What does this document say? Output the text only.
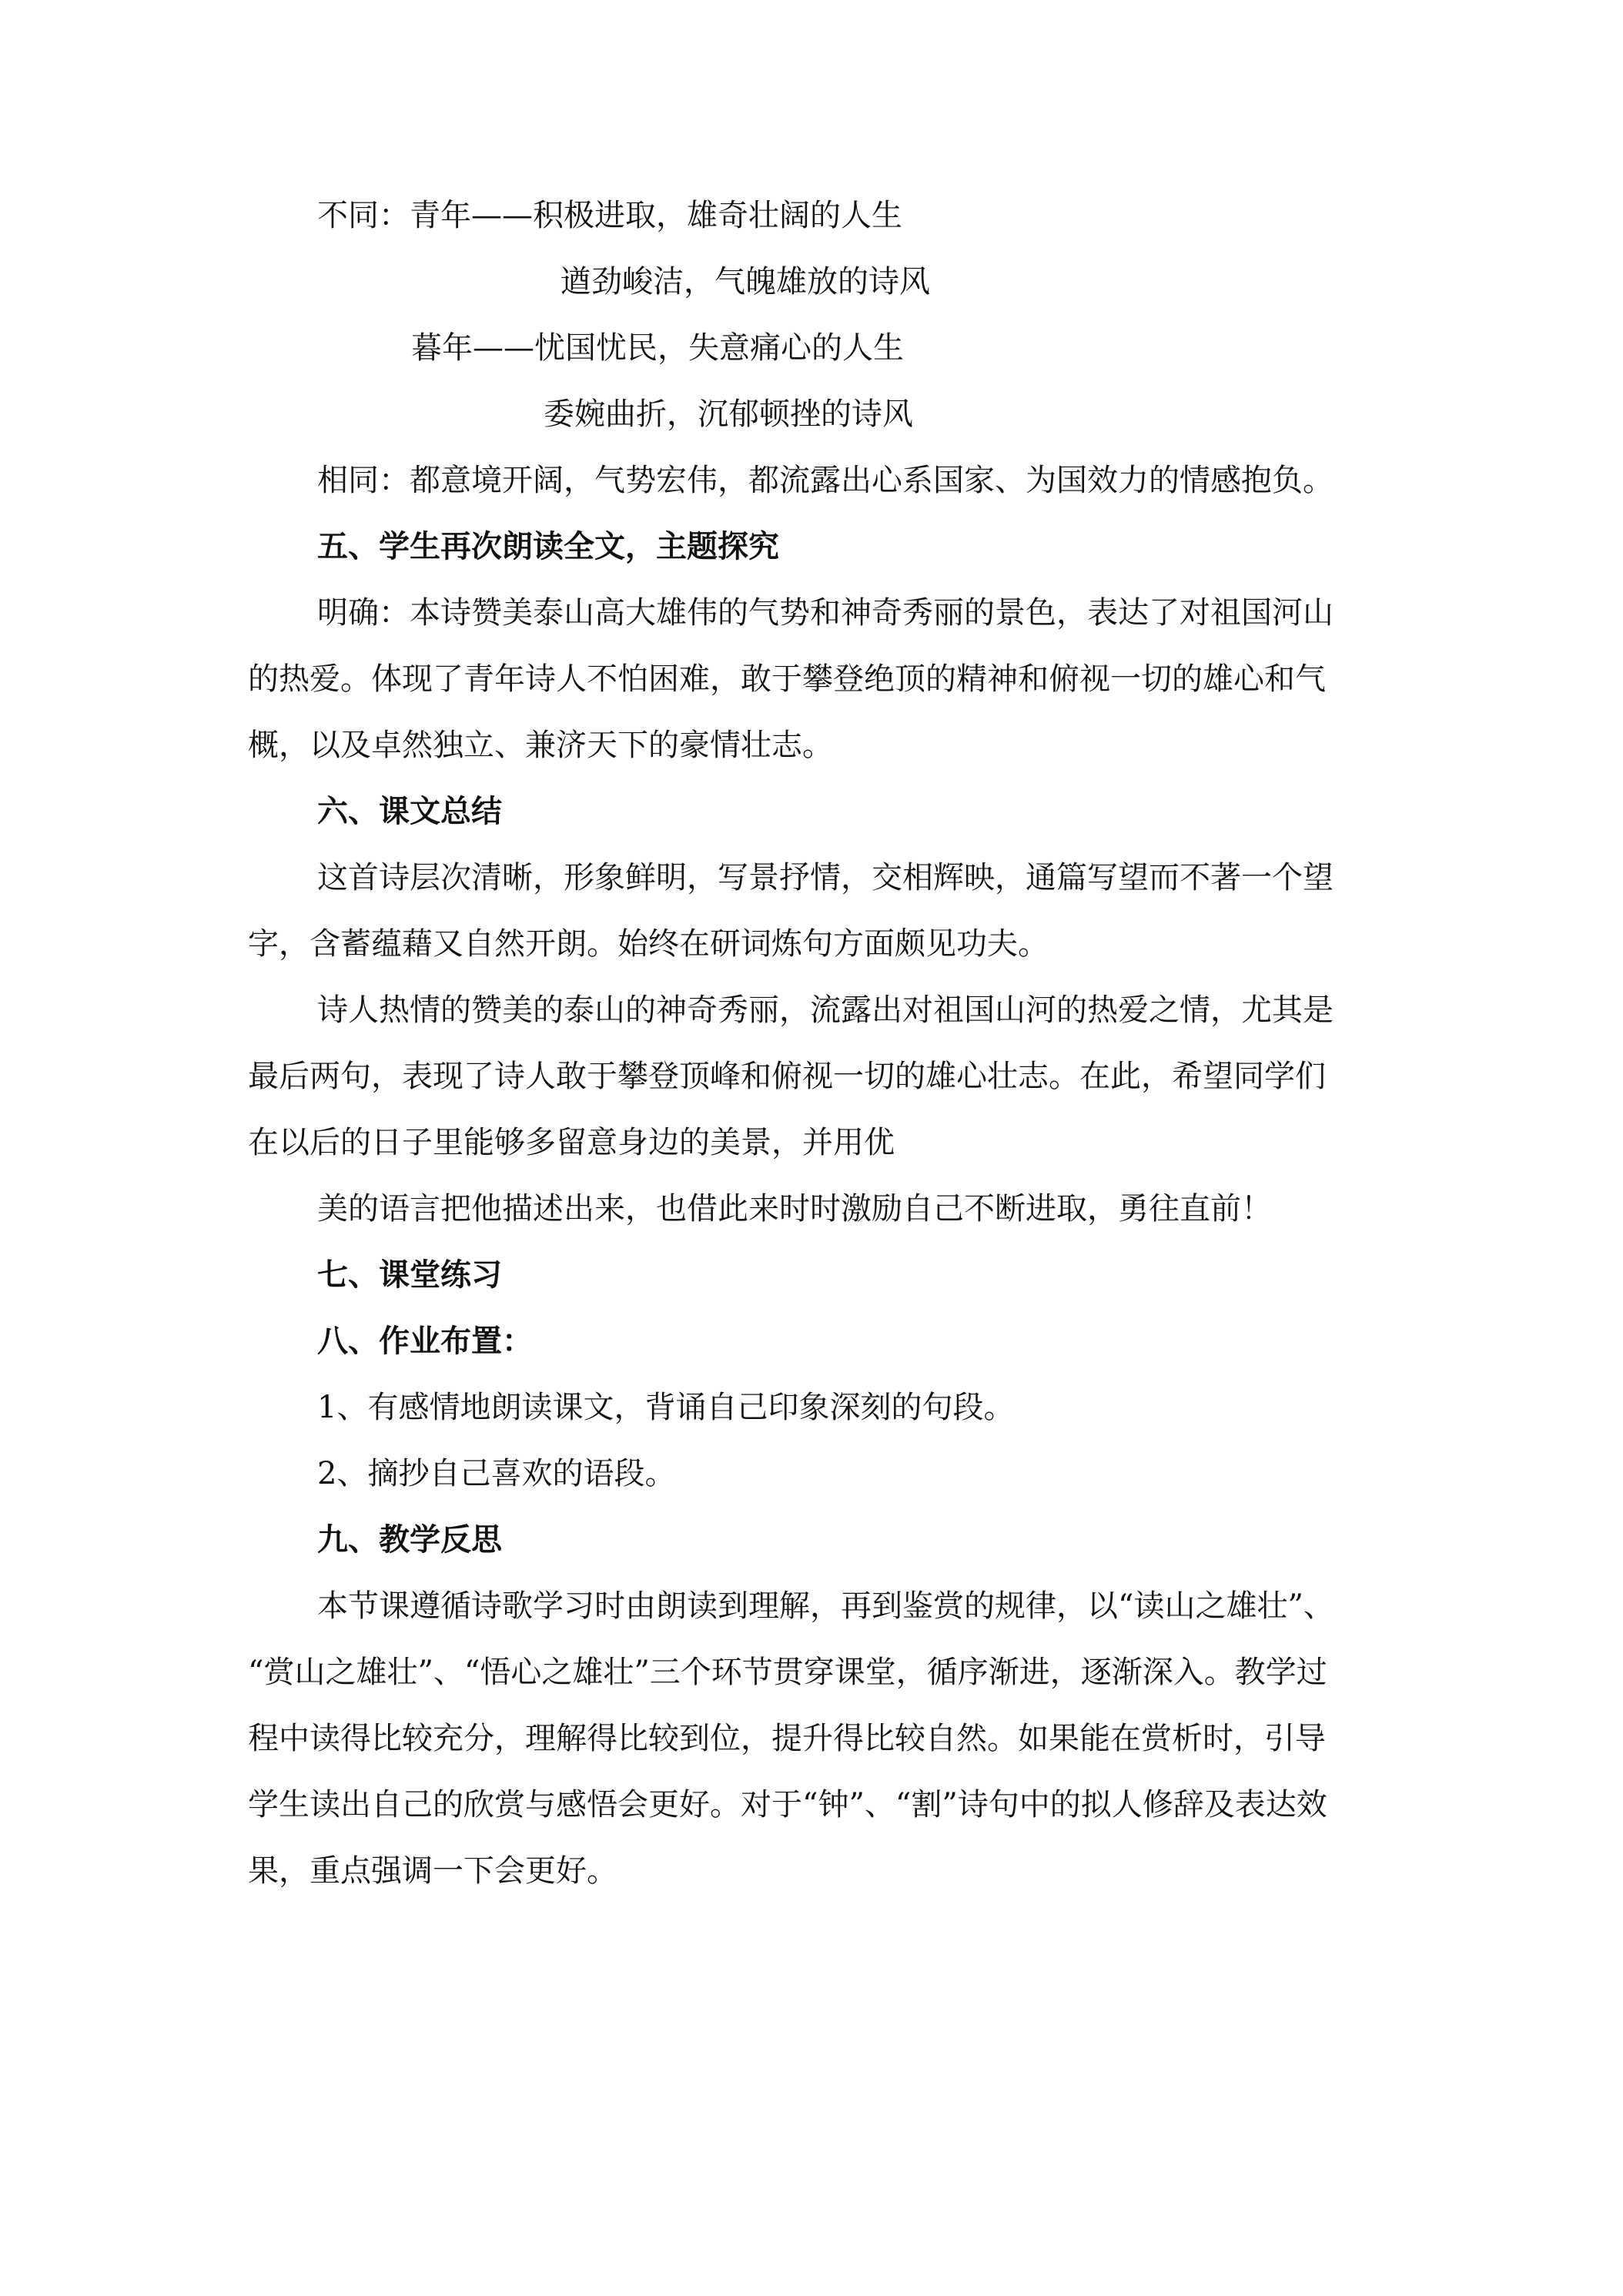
不同：青年——积极进取，雄奇壮阔的人生

遒劲峻洁，气魄雄放的诗风

暮年——忧国忧民，失意痛心的人生

委婉曲折，沉郁顿挫的诗风

相同：都意境开阔，气势宏伟，都流露出心系国家、为国效力的情感抱负。

五、学生再次朗读全文，主题探究

明确：本诗赞美泰山高大雄伟的气势和神奇秀丽的景色，表达了对祖国河山

的热爱。体现了青年诗人不怕困难，敢于攀登绝顶的精神和俯视一切的雄心和气

概，以及卓然独立、兼济天下的豪情壮志。

六、课文总结

这首诗层次清晰，形象鲜明，写景抒情，交相辉映，通篇写望而不著一个望

字，含蓄蕴藉又自然开朗。始终在研词炼句方面颇见功夫。

诗人热情的赞美的泰山的神奇秀丽，流露出对祖国山河的热爱之情，尤其是

最后两句，表现了诗人敢于攀登顶峰和俯视一切的雄心壮志。在此，希望同学们

在以后的日子里能够多留意身边的美景，并用优

美的语言把他描述出来，也借此来时时激励自己不断进取，勇往直前！

七、课堂练习

八、作业布置：

1、有感情地朗读课文，背诵自己印象深刻的句段。

2、摘抄自己喜欢的语段。

九、教学反思

本节课遵循诗歌学习时由朗读到理解，再到鉴赏的规律，以“读山之雄壮”、

“赏山之雄壮”、“悟心之雄壮”三个环节贯穿课堂，循序渐进，逐渐深入。教学过

程中读得比较充分，理解得比较到位，提升得比较自然。如果能在赏析时，引导

学生读出自己的欣赏与感悟会更好。对于“钟”、“割”诗句中的拟人修辞及表达效

果，重点强调一下会更好。
